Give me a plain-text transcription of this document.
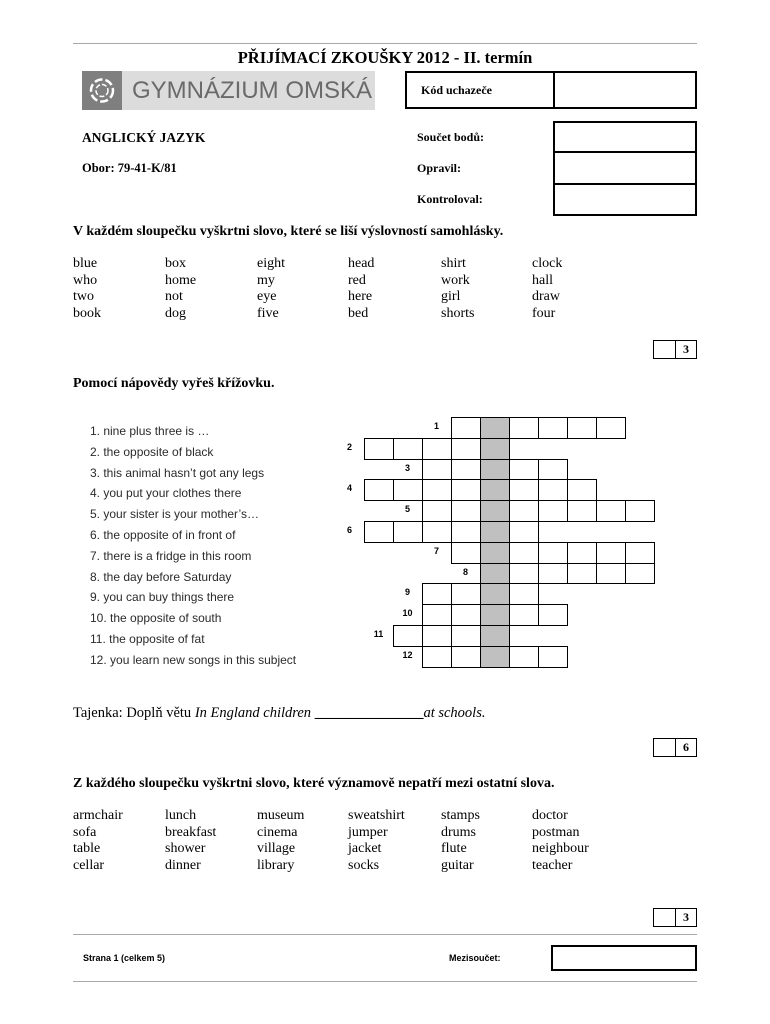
PŘIJÍMACÍ ZKOUŠKY 2012 - II. termín
GYMNÁZIUM OMSKÁ	Kód uchazeče
ANGLICKÝ JAZYK
Obor: 79-41-K/81
Součet bodů:
Opravil:
Kontroloval:
V každém sloupečku vyškrtni slovo, které se liší výslovností samohlásky.
blue
who
two
book
box
home
not
dog
eight
my
eye
five
head
red
here
bed
shirt
work
girl
shorts
clock
hall
draw
four
3
Pomocí nápovědy vyřeš křížovku.
1. nine plus three is …
2. the opposite of black
3. this animal hasn’t got any legs
4. you put your clothes there
5. your sister is your mother’s…
6. the opposite of in front of
7. there is a fridge in this room
8. the day before Saturday
9. you can buy things there
10. the opposite of south
11. the opposite of fat
12. you learn new songs in this subject
1
2
3
4
5
6
7
8
9
10
11
12
Tajenka: Doplň větu In England children _______________at schools.
6
Z každého sloupečku vyškrtni slovo, které významově nepatří mezi ostatní slova.
armchair
sofa
table
cellar
lunch
breakfast
shower
dinner
museum
cinema
village
library
sweatshirt
jumper
jacket
socks
stamps
drums
flute
guitar
doctor
postman
neighbour
teacher
3
Strana 1 (celkem 5)	Mezisoučet:
